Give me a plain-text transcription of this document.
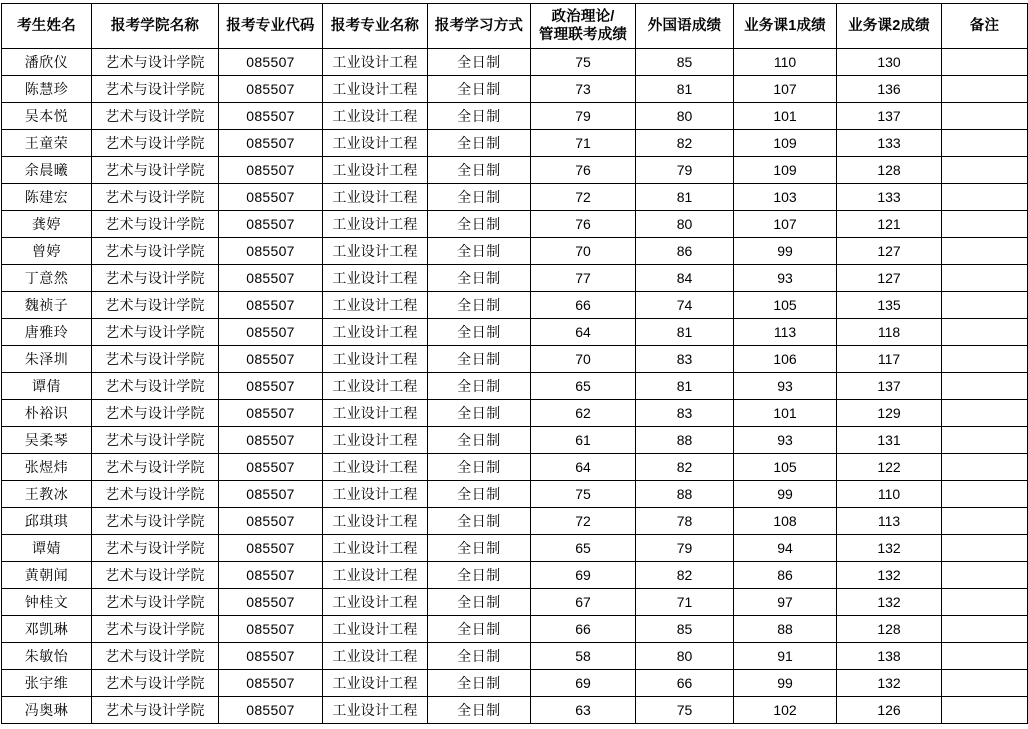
考生姓名	报考学院名称	报考专业代码	报考专业名称	报考学习方式	政治理论/
管理联考成绩	外国语成绩	业务课1成绩	业务课2成绩	备注
潘欣仪	艺术与设计学院	085507	工业设计工程	全日制	75	85	110	130	
陈慧珍	艺术与设计学院	085507	工业设计工程	全日制	73	81	107	136	
吴本悦	艺术与设计学院	085507	工业设计工程	全日制	79	80	101	137	
王童荣	艺术与设计学院	085507	工业设计工程	全日制	71	82	109	133	
余晨曦	艺术与设计学院	085507	工业设计工程	全日制	76	79	109	128	
陈建宏	艺术与设计学院	085507	工业设计工程	全日制	72	81	103	133	
龚婷	艺术与设计学院	085507	工业设计工程	全日制	76	80	107	121	
曾婷	艺术与设计学院	085507	工业设计工程	全日制	70	86	99	127	
丁意然	艺术与设计学院	085507	工业设计工程	全日制	77	84	93	127	
魏祯子	艺术与设计学院	085507	工业设计工程	全日制	66	74	105	135	
唐雅玲	艺术与设计学院	085507	工业设计工程	全日制	64	81	113	118	
朱泽圳	艺术与设计学院	085507	工业设计工程	全日制	70	83	106	117	
谭倩	艺术与设计学院	085507	工业设计工程	全日制	65	81	93	137	
朴裕识	艺术与设计学院	085507	工业设计工程	全日制	62	83	101	129	
吴柔琴	艺术与设计学院	085507	工业设计工程	全日制	61	88	93	131	
张煜炜	艺术与设计学院	085507	工业设计工程	全日制	64	82	105	122	
王教冰	艺术与设计学院	085507	工业设计工程	全日制	75	88	99	110	
邱琪琪	艺术与设计学院	085507	工业设计工程	全日制	72	78	108	113	
谭婧	艺术与设计学院	085507	工业设计工程	全日制	65	79	94	132	
黄朝闻	艺术与设计学院	085507	工业设计工程	全日制	69	82	86	132	
钟桂文	艺术与设计学院	085507	工业设计工程	全日制	67	71	97	132	
邓凯琳	艺术与设计学院	085507	工业设计工程	全日制	66	85	88	128	
朱敏怡	艺术与设计学院	085507	工业设计工程	全日制	58	80	91	138	
张宇维	艺术与设计学院	085507	工业设计工程	全日制	69	66	99	132	
冯奥琳	艺术与设计学院	085507	工业设计工程	全日制	63	75	102	126	
